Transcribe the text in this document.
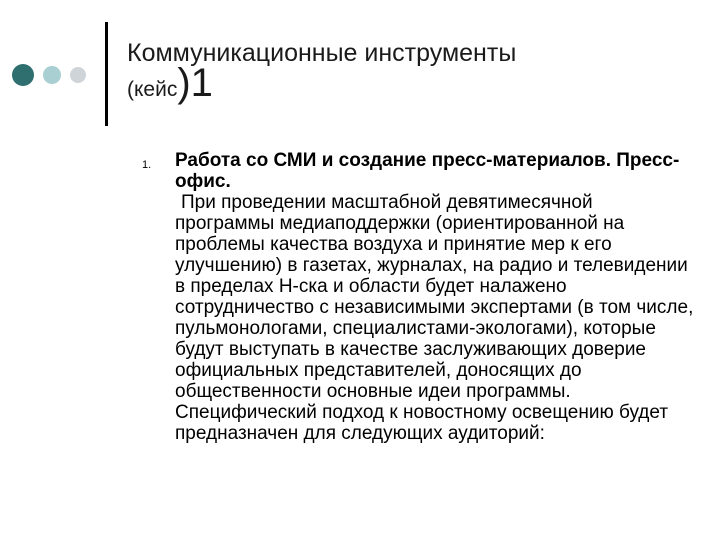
Коммуникационные инструменты
(кейс)1
1. Работа со СМИ и создание пресс-материалов. Пресс-офис.
При проведении масштабной девятимесячной программы медиаподдержки (ориентированной на проблемы качества воздуха и принятие мер к его улучшению) в газетах, журналах, на радио и телевидении в пределах Н-ска и области будет налажено сотрудничество с независимыми экспертами (в том числе, пульмонологами, специалистами-экологами), которые будут выступать в качестве заслуживающих доверие официальных представителей, доносящих до общественности основные идеи программы. Специфический подход к новостному освещению будет предназначен для следующих аудиторий:
